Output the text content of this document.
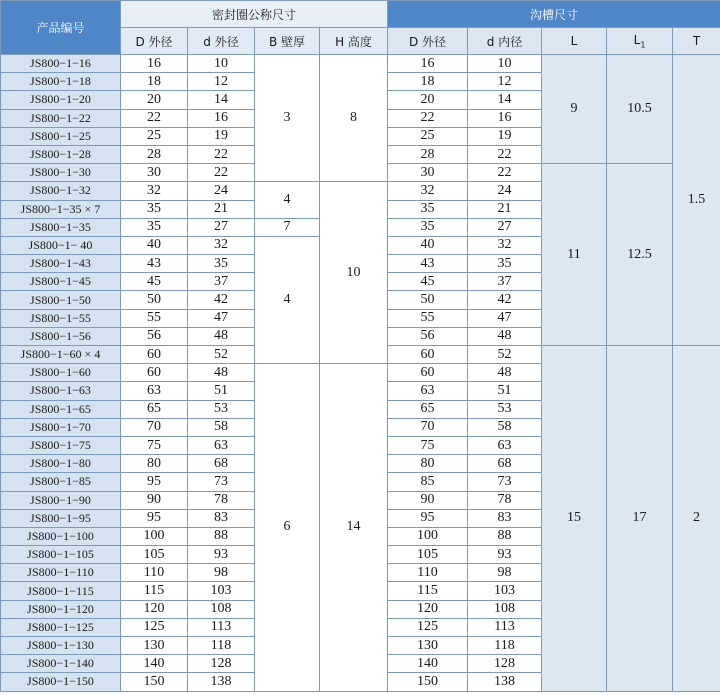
产品编号	密封圈公称尺寸				沟槽尺寸				
	D 外径	d 外径	B 壁厚	H 高度	D 外径	d 内径	L	$L_1$	T
JS800−1−16	16	10	3	8	16	10	9	10.5	1.5
JS800−1−18	18	12			18	12			
JS800−1−20	20	14			20	14			
JS800−1−22	22	16			22	16			
JS800−1−25	25	19			25	19			
JS800−1−28	28	22			28	22			
JS800−1−30	30	22			30	22	11	12.5	
JS800−1−32	32	24	4	10	32	24			
JS800−1−35 × 7	35	21			35	21			
JS800−1−35	35	27	7		35	27			
JS800−1− 40	40	32	4		40	32			
JS800−1−43	43	35			43	35			
JS800−1−45	45	37			45	37			
JS800−1−50	50	42			50	42			
JS800−1−55	55	47			55	47			
JS800−1−56	56	48			56	48			
JS800−1−60 × 4	60	52			60	52	15	17	2
JS800−1−60	60	48	6	14	60	48			
JS800−1−63	63	51			63	51			
JS800−1−65	65	53			65	53			
JS800−1−70	70	58			70	58			
JS800−1−75	75	63			75	63			
JS800−1−80	80	68			80	68			
JS800−1−85	95	73			85	73			
JS800−1−90	90	78			90	78			
JS800−1−95	95	83			95	83			
JS800−1−100	100	88			100	88			
JS800−1−105	105	93			105	93			
JS800−1−110	110	98			110	98			
JS800−1−115	115	103			115	103			
JS800−1−120	120	108			120	108			
JS800−1−125	125	113			125	113			
JS800−1−130	130	118			130	118			
JS800−1−140	140	128			140	128			
JS800−1−150	150	138			150	138			
